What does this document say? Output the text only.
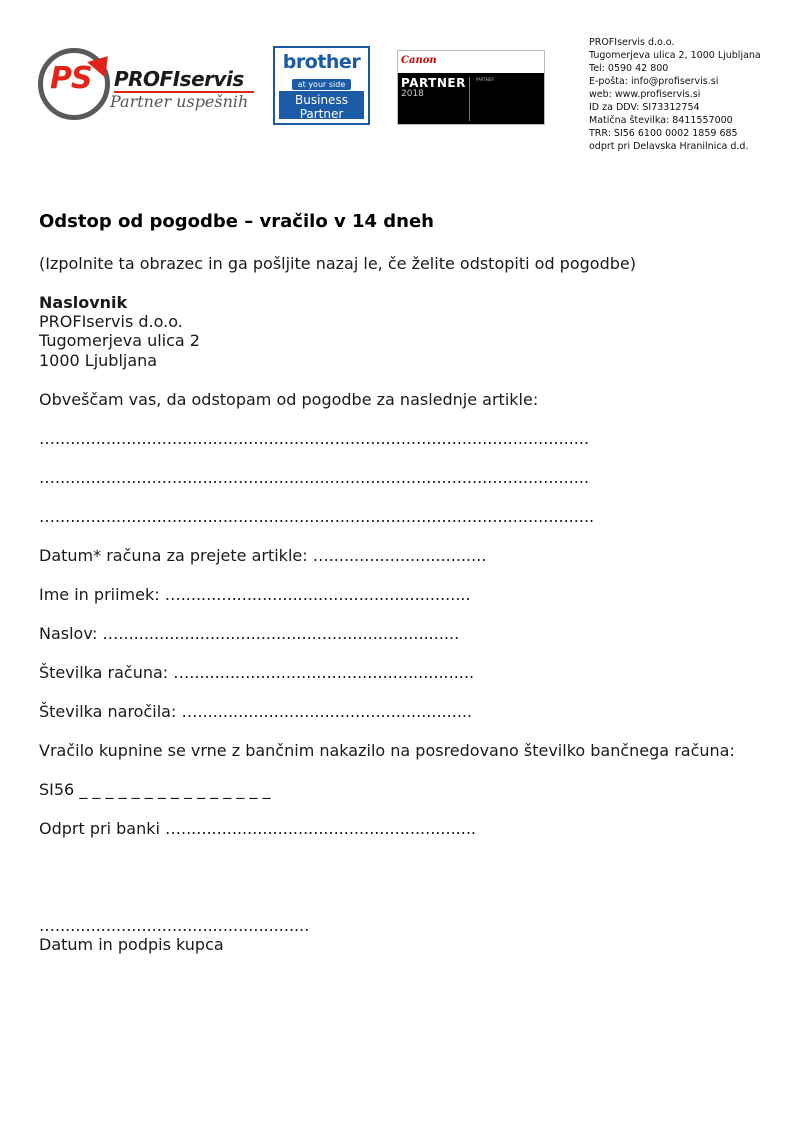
PS PROFIservis
Partner uspešnih
brother
at your side
Business
Partner
Canon
PARTNER
2018
PARTNER
PROFIservis d.o.o.
Tugomerjeva ulica 2, 1000 Ljubljana
Tel: 0590 42 800
E-pošta: info@profiservis.si
web: www.profiservis.si
ID za DDV: SI73312754
Matična številka: 8411557000
TRR: SI56 6100 0002 1859 685
odprt pri Delavska Hranilnica d.d.
Odstop od pogodbe – vračilo v 14 dneh
(Izpolnite ta obrazec in ga pošljite nazaj le, če želite odstopiti od pogodbe)
Naslovnik
PROFIservis d.o.o.
Tugomerjeva ulica 2
1000 Ljubljana
Obveščam vas, da odstopam od pogodbe za naslednje artikle:
….........................................................................................................
….........................................................................................................
…..........................................................................................................
Datum* računa za prejete artikle: …...............................
Ime in priimek: ….........................................................
Naslov: …...................................................................
Številka računa: …........................................................
Številka naročila: …......................................................
Vračilo kupnine se vrne z bančnim nakazilo na posredovano številko bančnega računa:
SI56 _ _ _ _ _ _ _ _ _ _ _ _ _ _ _
Odprt pri banki …..........................................................
…..................................................
Datum in podpis kupca
